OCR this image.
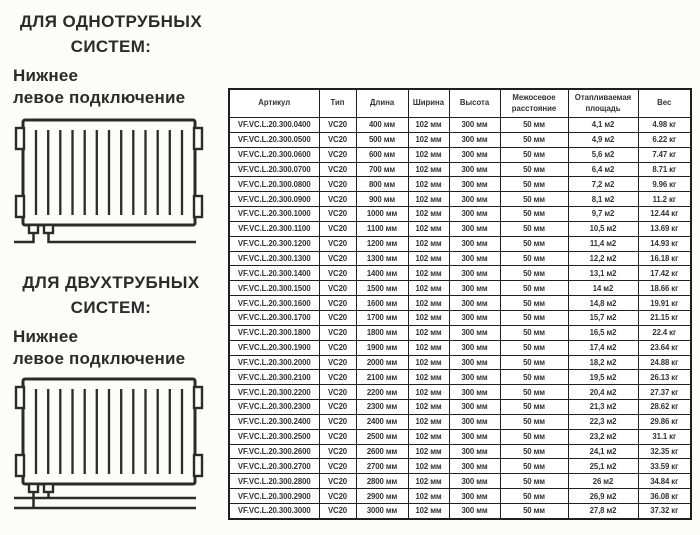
ДЛЯ ОДНОТРУБНЫХ
СИСТЕМ:
Нижнее
левое подключение
ДЛЯ ДВУХТРУБНЫХ
СИСТЕМ:
Нижнее
левое подключение
Артикул	Тип	Длина	Ширина	Высота	Межосевое расстояние	Отапливаемая площадь	Вес
VF.VC.L.20.300.0400	VC20	400 мм	102 мм	300 мм	50 мм	4,1 м2	4.98 кг
VF.VC.L.20.300.0500	VC20	500 мм	102 мм	300 мм	50 мм	4,9 м2	6.22 кг
VF.VC.L.20.300.0600	VC20	600 мм	102 мм	300 мм	50 мм	5,6 м2	7.47 кг
VF.VC.L.20.300.0700	VC20	700 мм	102 мм	300 мм	50 мм	6,4 м2	8.71 кг
VF.VC.L.20.300.0800	VC20	800 мм	102 мм	300 мм	50 мм	7,2 м2	9.96 кг
VF.VC.L.20.300.0900	VC20	900 мм	102 мм	300 мм	50 мм	8,1 м2	11.2 кг
VF.VC.L.20.300.1000	VC20	1000 мм	102 мм	300 мм	50 мм	9,7 м2	12.44 кг
VF.VC.L.20.300.1100	VC20	1100 мм	102 мм	300 мм	50 мм	10,5 м2	13.69 кг
VF.VC.L.20.300.1200	VC20	1200 мм	102 мм	300 мм	50 мм	11,4 м2	14.93 кг
VF.VC.L.20.300.1300	VC20	1300 мм	102 мм	300 мм	50 мм	12,2 м2	16.18 кг
VF.VC.L.20.300.1400	VC20	1400 мм	102 мм	300 мм	50 мм	13,1 м2	17.42 кг
VF.VC.L.20.300.1500	VC20	1500 мм	102 мм	300 мм	50 мм	14 м2	18.66 кг
VF.VC.L.20.300.1600	VC20	1600 мм	102 мм	300 мм	50 мм	14,8 м2	19.91 кг
VF.VC.L.20.300.1700	VC20	1700 мм	102 мм	300 мм	50 мм	15,7 м2	21.15 кг
VF.VC.L.20.300.1800	VC20	1800 мм	102 мм	300 мм	50 мм	16,5 м2	22.4 кг
VF.VC.L.20.300.1900	VC20	1900 мм	102 мм	300 мм	50 мм	17,4 м2	23.64 кг
VF.VC.L.20.300.2000	VC20	2000 мм	102 мм	300 мм	50 мм	18,2 м2	24.88 кг
VF.VC.L.20.300.2100	VC20	2100 мм	102 мм	300 мм	50 мм	19,5 м2	26.13 кг
VF.VC.L.20.300.2200	VC20	2200 мм	102 мм	300 мм	50 мм	20,4 м2	27.37 кг
VF.VC.L.20.300.2300	VC20	2300 мм	102 мм	300 мм	50 мм	21,3 м2	28.62 кг
VF.VC.L.20.300.2400	VC20	2400 мм	102 мм	300 мм	50 мм	22,3 м2	29.86 кг
VF.VC.L.20.300.2500	VC20	2500 мм	102 мм	300 мм	50 мм	23,2 м2	31.1 кг
VF.VC.L.20.300.2600	VC20	2600 мм	102 мм	300 мм	50 мм	24,1 м2	32.35 кг
VF.VC.L.20.300.2700	VC20	2700 мм	102 мм	300 мм	50 мм	25,1 м2	33.59 кг
VF.VC.L.20.300.2800	VC20	2800 мм	102 мм	300 мм	50 мм	26 м2	34.84 кг
VF.VC.L.20.300.2900	VC20	2900 мм	102 мм	300 мм	50 мм	26,9 м2	36.08 кг
VF.VC.L.20.300.3000	VC20	3000 мм	102 мм	300 мм	50 мм	27,8 м2	37.32 кг
